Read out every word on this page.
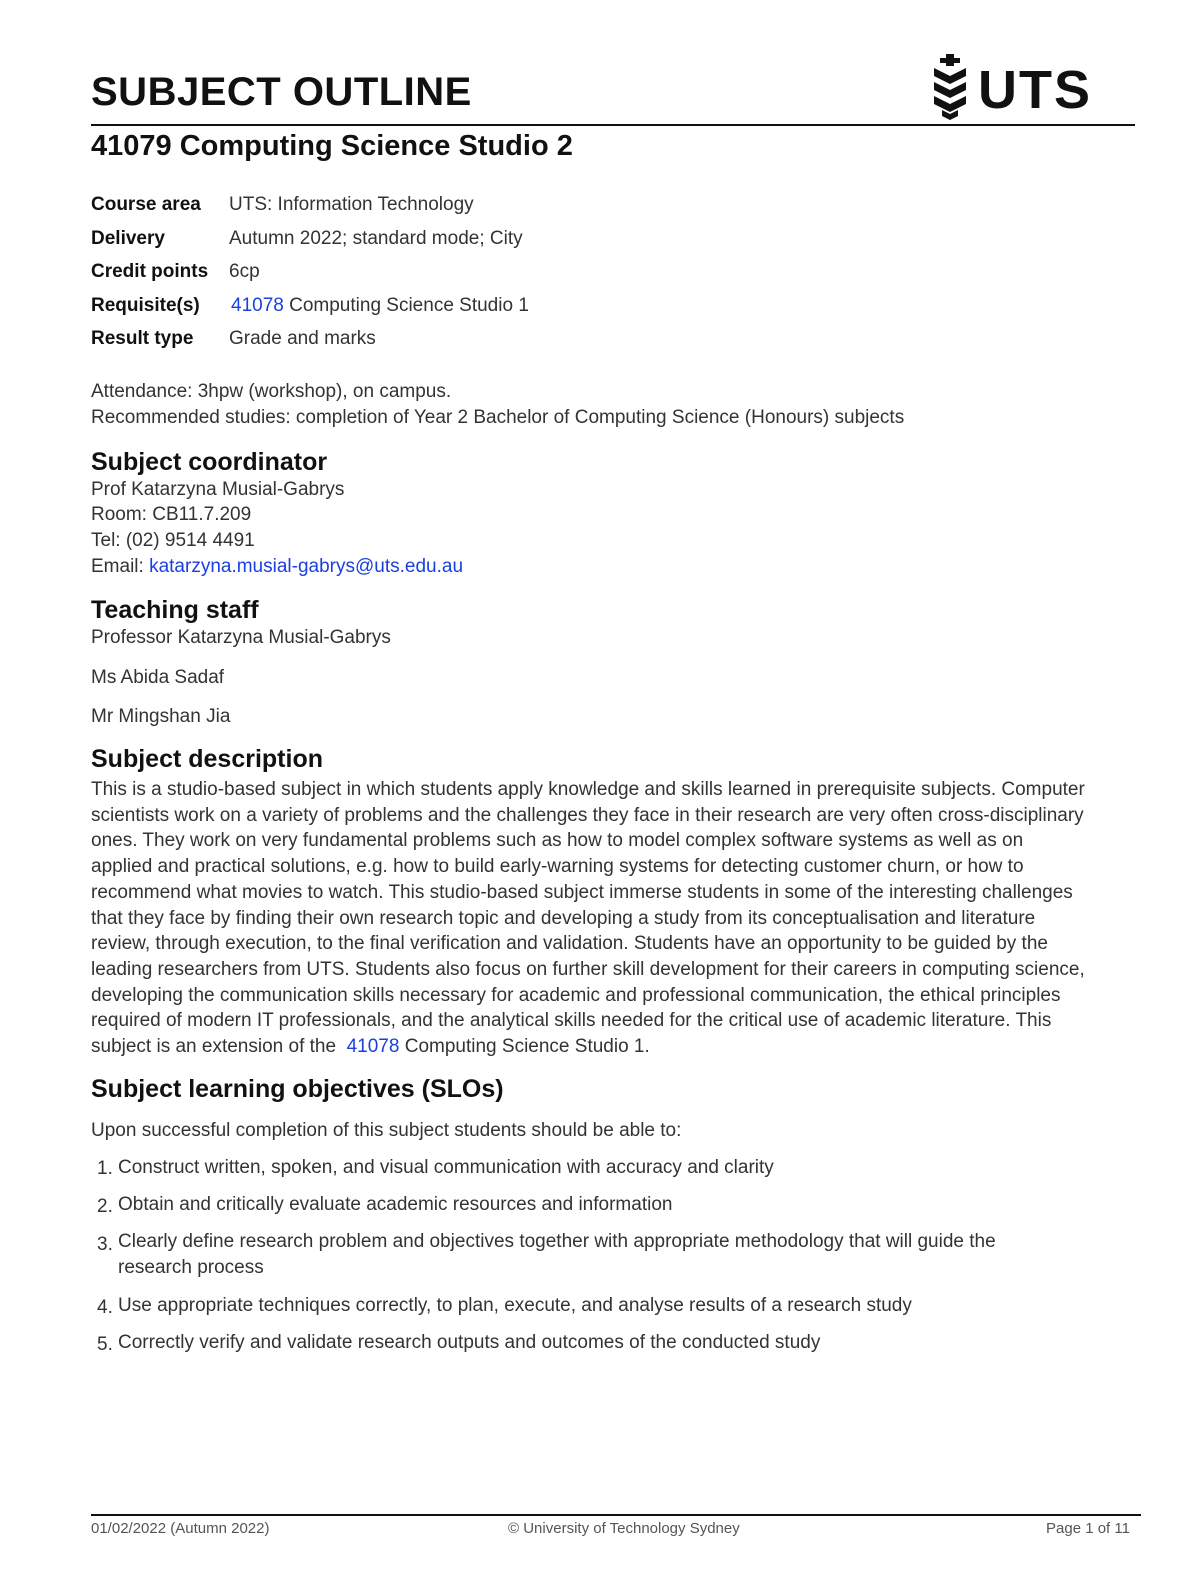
SUBJECT OUTLINE	UTS
41079 Computing Science Studio 2
Course area UTS: Information Technology
Delivery	Autumn 2022; standard mode; City
Credit points 6cp
Requisite(s) 41078 Computing Science Studio 1
Result type Grade and marks
Attendance: 3hpw (workshop), on campus.
Recommended studies: completion of Year 2 Bachelor of Computing Science (Honours) subjects
Subject coordinator
Prof Katarzyna Musial-Gabrys
Room: CB11.7.209
Tel: (02) 9514 4491
Email: katarzyna.musial-gabrys@uts.edu.au
Teaching staff
Professor Katarzyna Musial-Gabrys
Ms Abida Sadaf
Mr Mingshan Jia
Subject description
This is a studio-based subject in which students apply knowledge and skills learned in prerequisite subjects. Computer
scientists work on a variety of problems and the challenges they face in their research are very often cross-disciplinary
ones. They work on very fundamental problems such as how to model complex software systems as well as on
applied and practical solutions, e.g. how to build early-warning systems for detecting customer churn, or how to
recommend what movies to watch. This studio-based subject immerse students in some of the interesting challenges
that they face by finding their own research topic and developing a study from its conceptualisation and literature
review, through execution, to the final verification and validation. Students have an opportunity to be guided by the
leading researchers from UTS. Students also focus on further skill development for their careers in computing science,
developing the communication skills necessary for academic and professional communication, the ethical principles
required of modern IT professionals, and the analytical skills needed for the critical use of academic literature. This
subject is an extension of the 41078 Computing Science Studio 1.
Subject learning objectives (SLOs)
Upon successful completion of this subject students should be able to:
1. Construct written, spoken, and visual communication with accuracy and clarity
2. Obtain and critically evaluate academic resources and information
3. Clearly define research problem and objectives together with appropriate methodology that will guide the
research process
4. Use appropriate techniques correctly, to plan, execute, and analyse results of a research study
5. Correctly verify and validate research outputs and outcomes of the conducted study
01/02/2022 (Autumn 2022)	© University of Technology Sydney	Page 1 of 11
